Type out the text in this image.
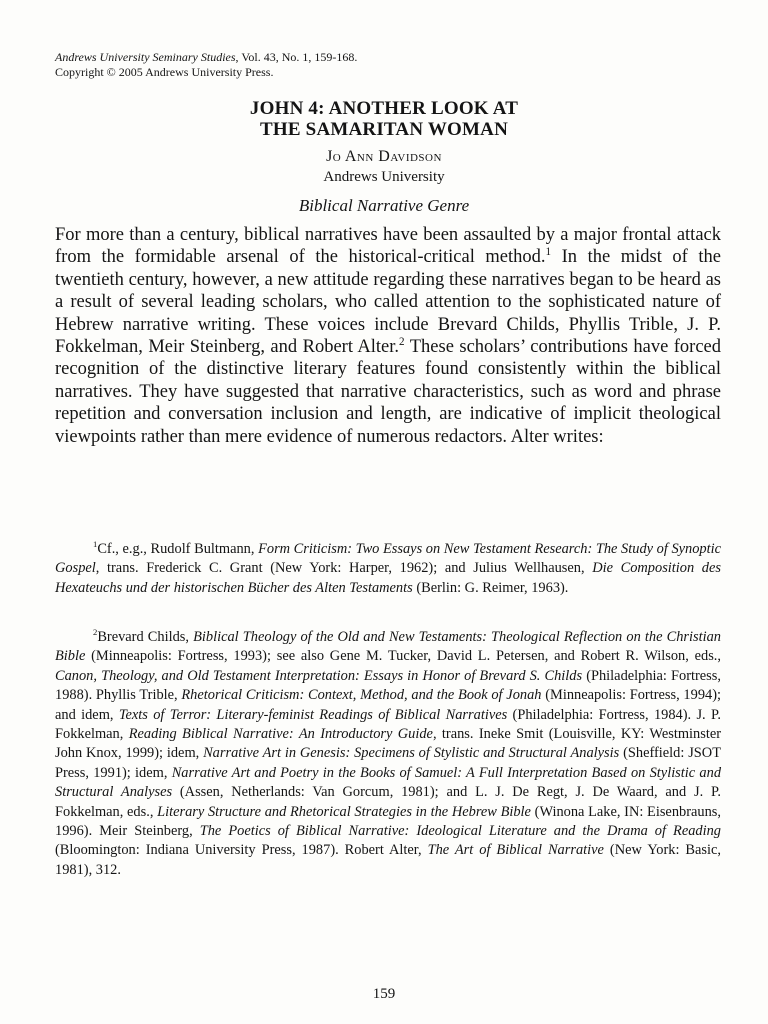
Andrews University Seminary Studies, Vol. 43, No. 1, 159-168.
Copyright © 2005 Andrews University Press.
JOHN 4: ANOTHER LOOK AT
THE SAMARITAN WOMAN
Jo Ann Davidson
Andrews University
Biblical Narrative Genre
For more than a century, biblical narratives have been assaulted by a major frontal attack from the formidable arsenal of the historical-critical method.$^1$ In the midst of the twentieth century, however, a new attitude regarding these narratives began to be heard as a result of several leading scholars, who called attention to the sophisticated nature of Hebrew narrative writing. These voices include Brevard Childs, Phyllis Trible, J. P. Fokkelman, Meir Steinberg, and Robert Alter.$^2$ These scholars’ contributions have forced recognition of the distinctive literary features found consistently within the biblical narratives. They have suggested that narrative characteristics, such as word and phrase repetition and conversation inclusion and length, are indicative of implicit theological viewpoints rather than mere evidence of numerous redactors. Alter writes:
$^1$Cf., e.g., Rudolf Bultmann, Form Criticism: Two Essays on New Testament Research: The Study of Synoptic Gospel, trans. Frederick C. Grant (New York: Harper, 1962); and Julius Wellhausen, Die Composition des Hexateuchs und der historischen Bücher des Alten Testaments (Berlin: G. Reimer, 1963).
$^2$Brevard Childs, Biblical Theology of the Old and New Testaments: Theological Reflection on the Christian Bible (Minneapolis: Fortress, 1993); see also Gene M. Tucker, David L. Petersen, and Robert R. Wilson, eds., Canon, Theology, and Old Testament Interpretation: Essays in Honor of Brevard S. Childs (Philadelphia: Fortress, 1988). Phyllis Trible, Rhetorical Criticism: Context, Method, and the Book of Jonah (Minneapolis: Fortress, 1994); and idem, Texts of Terror: Literary-feminist Readings of Biblical Narratives (Philadelphia: Fortress, 1984). J. P. Fokkelman, Reading Biblical Narrative: An Introductory Guide, trans. Ineke Smit (Louisville, KY: Westminster John Knox, 1999); idem, Narrative Art in Genesis: Specimens of Stylistic and Structural Analysis (Sheffield: JSOT Press, 1991); idem, Narrative Art and Poetry in the Books of Samuel: A Full Interpretation Based on Stylistic and Structural Analyses (Assen, Netherlands: Van Gorcum, 1981); and L. J. De Regt, J. De Waard, and J. P. Fokkelman, eds., Literary Structure and Rhetorical Strategies in the Hebrew Bible (Winona Lake, IN: Eisenbrauns, 1996). Meir Steinberg, The Poetics of Biblical Narrative: Ideological Literature and the Drama of Reading (Bloomington: Indiana University Press, 1987). Robert Alter, The Art of Biblical Narrative (New York: Basic, 1981), 312.
159
